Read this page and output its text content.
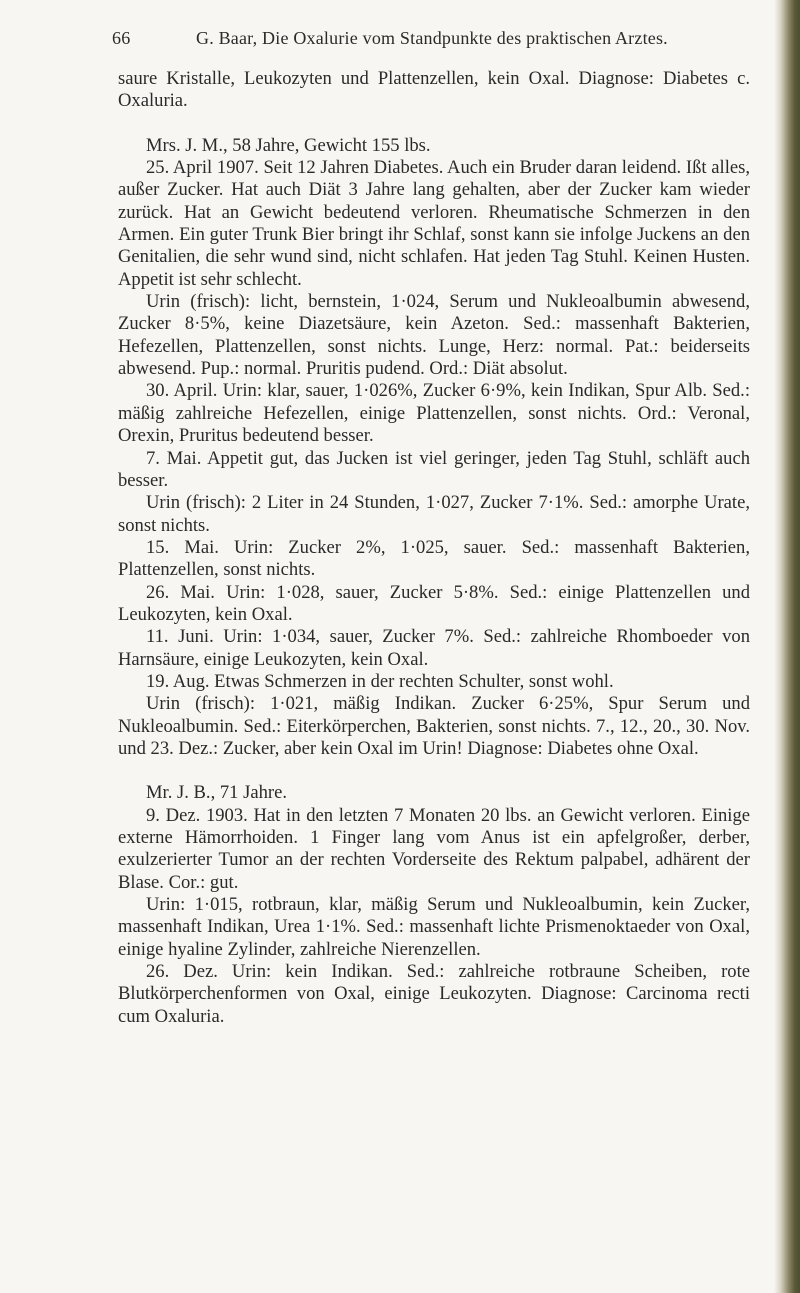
66	G. Baar, Die Oxalurie vom Standpunkte des praktischen Arztes.

saure Kristalle, Leukozyten und Plattenzellen, kein Oxal. Diagnose: Diabetes c. Oxaluria.

Mrs. J. M., 58 Jahre, Gewicht 155 lbs.

25. April 1907. Seit 12 Jahren Diabetes. Auch ein Bruder daran leidend. Ißt alles, außer Zucker. Hat auch Diät 3 Jahre lang gehalten, aber der Zucker kam wieder zurück. Hat an Gewicht bedeutend verloren. Rheumatische Schmerzen in den Armen. Ein guter Trunk Bier bringt ihr Schlaf, sonst kann sie infolge Juckens an den Genitalien, die sehr wund sind, nicht schlafen. Hat jeden Tag Stuhl. Keinen Husten. Appetit ist sehr schlecht.

Urin (frisch): licht, bernstein, 1·024, Serum und Nukleoalbumin abwesend, Zucker 8·5%, keine Diazetsäure, kein Azeton. Sed.: massenhaft Bakterien, Hefezellen, Plattenzellen, sonst nichts. Lunge, Herz: normal. Pat.: beiderseits abwesend. Pup.: normal. Pruritis pudend. Ord.: Diät absolut.

30. April. Urin: klar, sauer, 1·026%, Zucker 6·9%, kein Indikan, Spur Alb. Sed.: mäßig zahlreiche Hefezellen, einige Plattenzellen, sonst nichts. Ord.: Veronal, Orexin, Pruritus bedeutend besser.

7. Mai. Appetit gut, das Jucken ist viel geringer, jeden Tag Stuhl, schläft auch besser.

Urin (frisch): 2 Liter in 24 Stunden, 1·027, Zucker 7·1%. Sed.: amorphe Urate, sonst nichts.

15. Mai. Urin: Zucker 2%, 1·025, sauer. Sed.: massenhaft Bakterien, Plattenzellen, sonst nichts.

26. Mai. Urin: 1·028, sauer, Zucker 5·8%. Sed.: einige Plattenzellen und Leukozyten, kein Oxal.

11. Juni. Urin: 1·034, sauer, Zucker 7%. Sed.: zahlreiche Rhomboeder von Harnsäure, einige Leukozyten, kein Oxal.

19. Aug. Etwas Schmerzen in der rechten Schulter, sonst wohl.

Urin (frisch): 1·021, mäßig Indikan. Zucker 6·25%, Spur Serum und Nukleoalbumin. Sed.: Eiterkörperchen, Bakterien, sonst nichts. 7., 12., 20., 30. Nov. und 23. Dez.: Zucker, aber kein Oxal im Urin! Diagnose: Diabetes ohne Oxal.

Mr. J. B., 71 Jahre.

9. Dez. 1903. Hat in den letzten 7 Monaten 20 lbs. an Gewicht verloren. Einige externe Hämorrhoiden. 1 Finger lang vom Anus ist ein apfelgroßer, derber, exulzerierter Tumor an der rechten Vorderseite des Rektum palpabel, adhärent der Blase. Cor.: gut.

Urin: 1·015, rotbraun, klar, mäßig Serum und Nukleoalbumin, kein Zucker, massenhaft Indikan, Urea 1·1%. Sed.: massenhaft lichte Prismenoktaeder von Oxal, einige hyaline Zylinder, zahlreiche Nierenzellen.

26. Dez. Urin: kein Indikan. Sed.: zahlreiche rotbraune Scheiben, rote Blutkörperchenformen von Oxal, einige Leukozyten. Diagnose: Carcinoma recti cum Oxaluria.
